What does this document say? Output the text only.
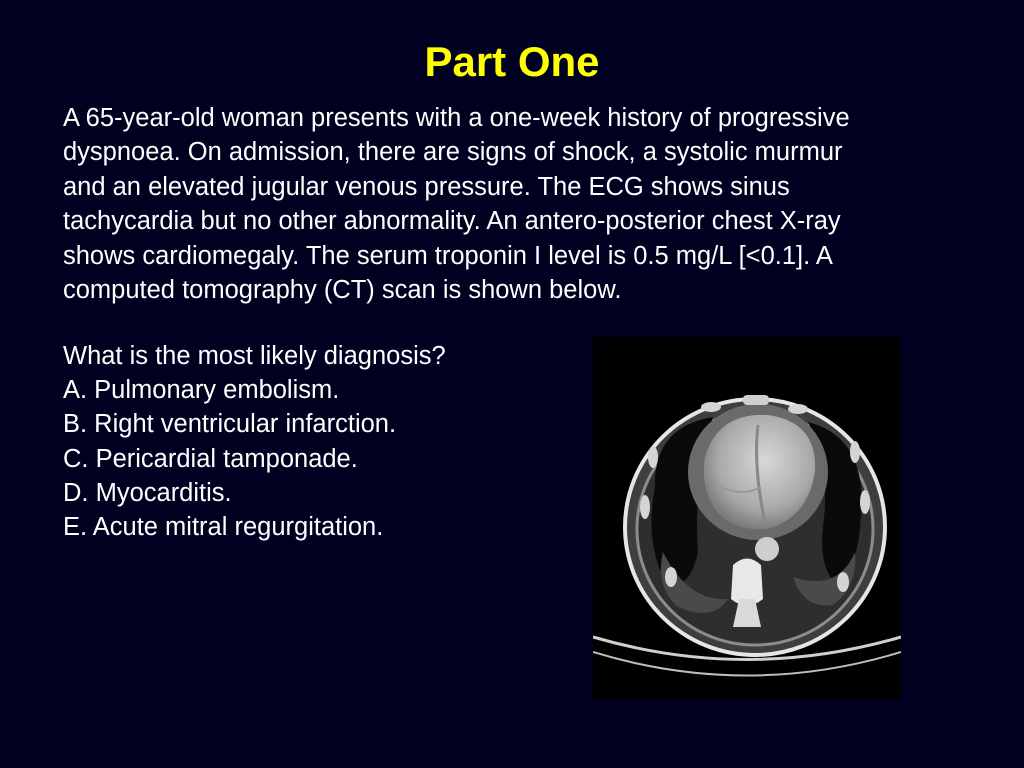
Part One
A 65-year-old woman presents with a one-week history of progressive
dyspnoea. On admission, there are signs of shock, a systolic murmur
and an elevated jugular venous pressure. The ECG shows sinus
tachycardia but no other abnormality. An antero-posterior chest X-ray
shows cardiomegaly. The serum troponin I level is 0.5 mg/L [<0.1]. A
computed tomography (CT) scan is shown below.
What is the most likely diagnosis?
A. Pulmonary embolism.
B. Right ventricular infarction.
C. Pericardial tamponade.
D. Myocarditis.
E. Acute mitral regurgitation.
